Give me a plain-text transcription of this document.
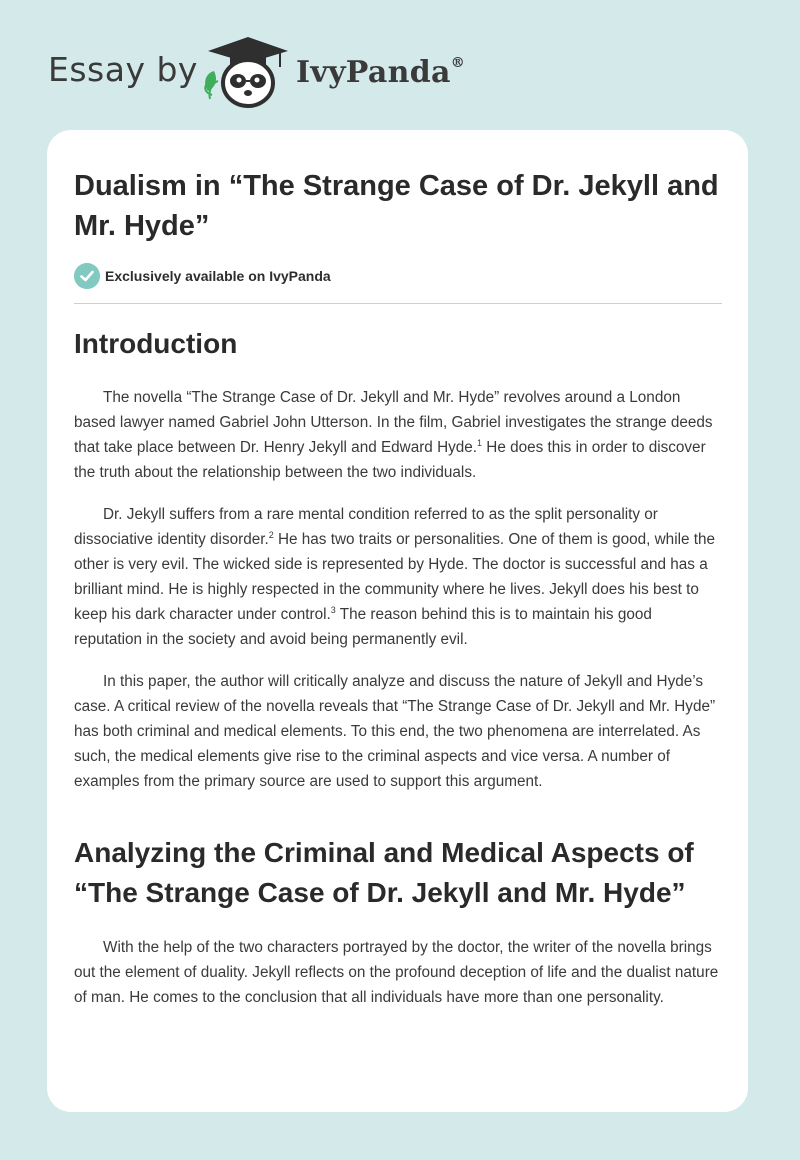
Essay by	IvyPanda®
Dualism in “The Strange Case of Dr. Jekyll and Mr. Hyde”
Exclusively available on IvyPanda
Introduction

The novella “The Strange Case of Dr. Jekyll and Mr. Hyde” revolves around a London based lawyer named Gabriel John Utterson. In the film, Gabriel investigates the strange deeds that take place between Dr. Henry Jekyll and Edward Hyde.$^1$ He does this in order to discover the truth about the relationship between the two individuals.

Dr. Jekyll suffers from a rare mental condition referred to as the split personality or dissociative identity disorder.$^2$ He has two traits or personalities. One of them is good, while the other is very evil. The wicked side is represented by Hyde. The doctor is successful and has a brilliant mind. He is highly respected in the community where he lives. Jekyll does his best to keep his dark character under control.$^3$ The reason behind this is to maintain his good reputation in the society and avoid being permanently evil.

In this paper, the author will critically analyze and discuss the nature of Jekyll and Hyde’s case. A critical review of the novella reveals that “The Strange Case of Dr. Jekyll and Mr. Hyde” has both criminal and medical elements. To this end, the two phenomena are interrelated. As such, the medical elements give rise to the criminal aspects and vice versa. A number of examples from the primary source are used to support this argument.

Analyzing the Criminal and Medical Aspects of “The Strange Case of Dr. Jekyll and Mr. Hyde”

With the help of the two characters portrayed by the doctor, the writer of the novella brings out the element of duality. Jekyll reflects on the profound deception of life and the dualist nature of man. He comes to the conclusion that all individuals have more than one personality.
